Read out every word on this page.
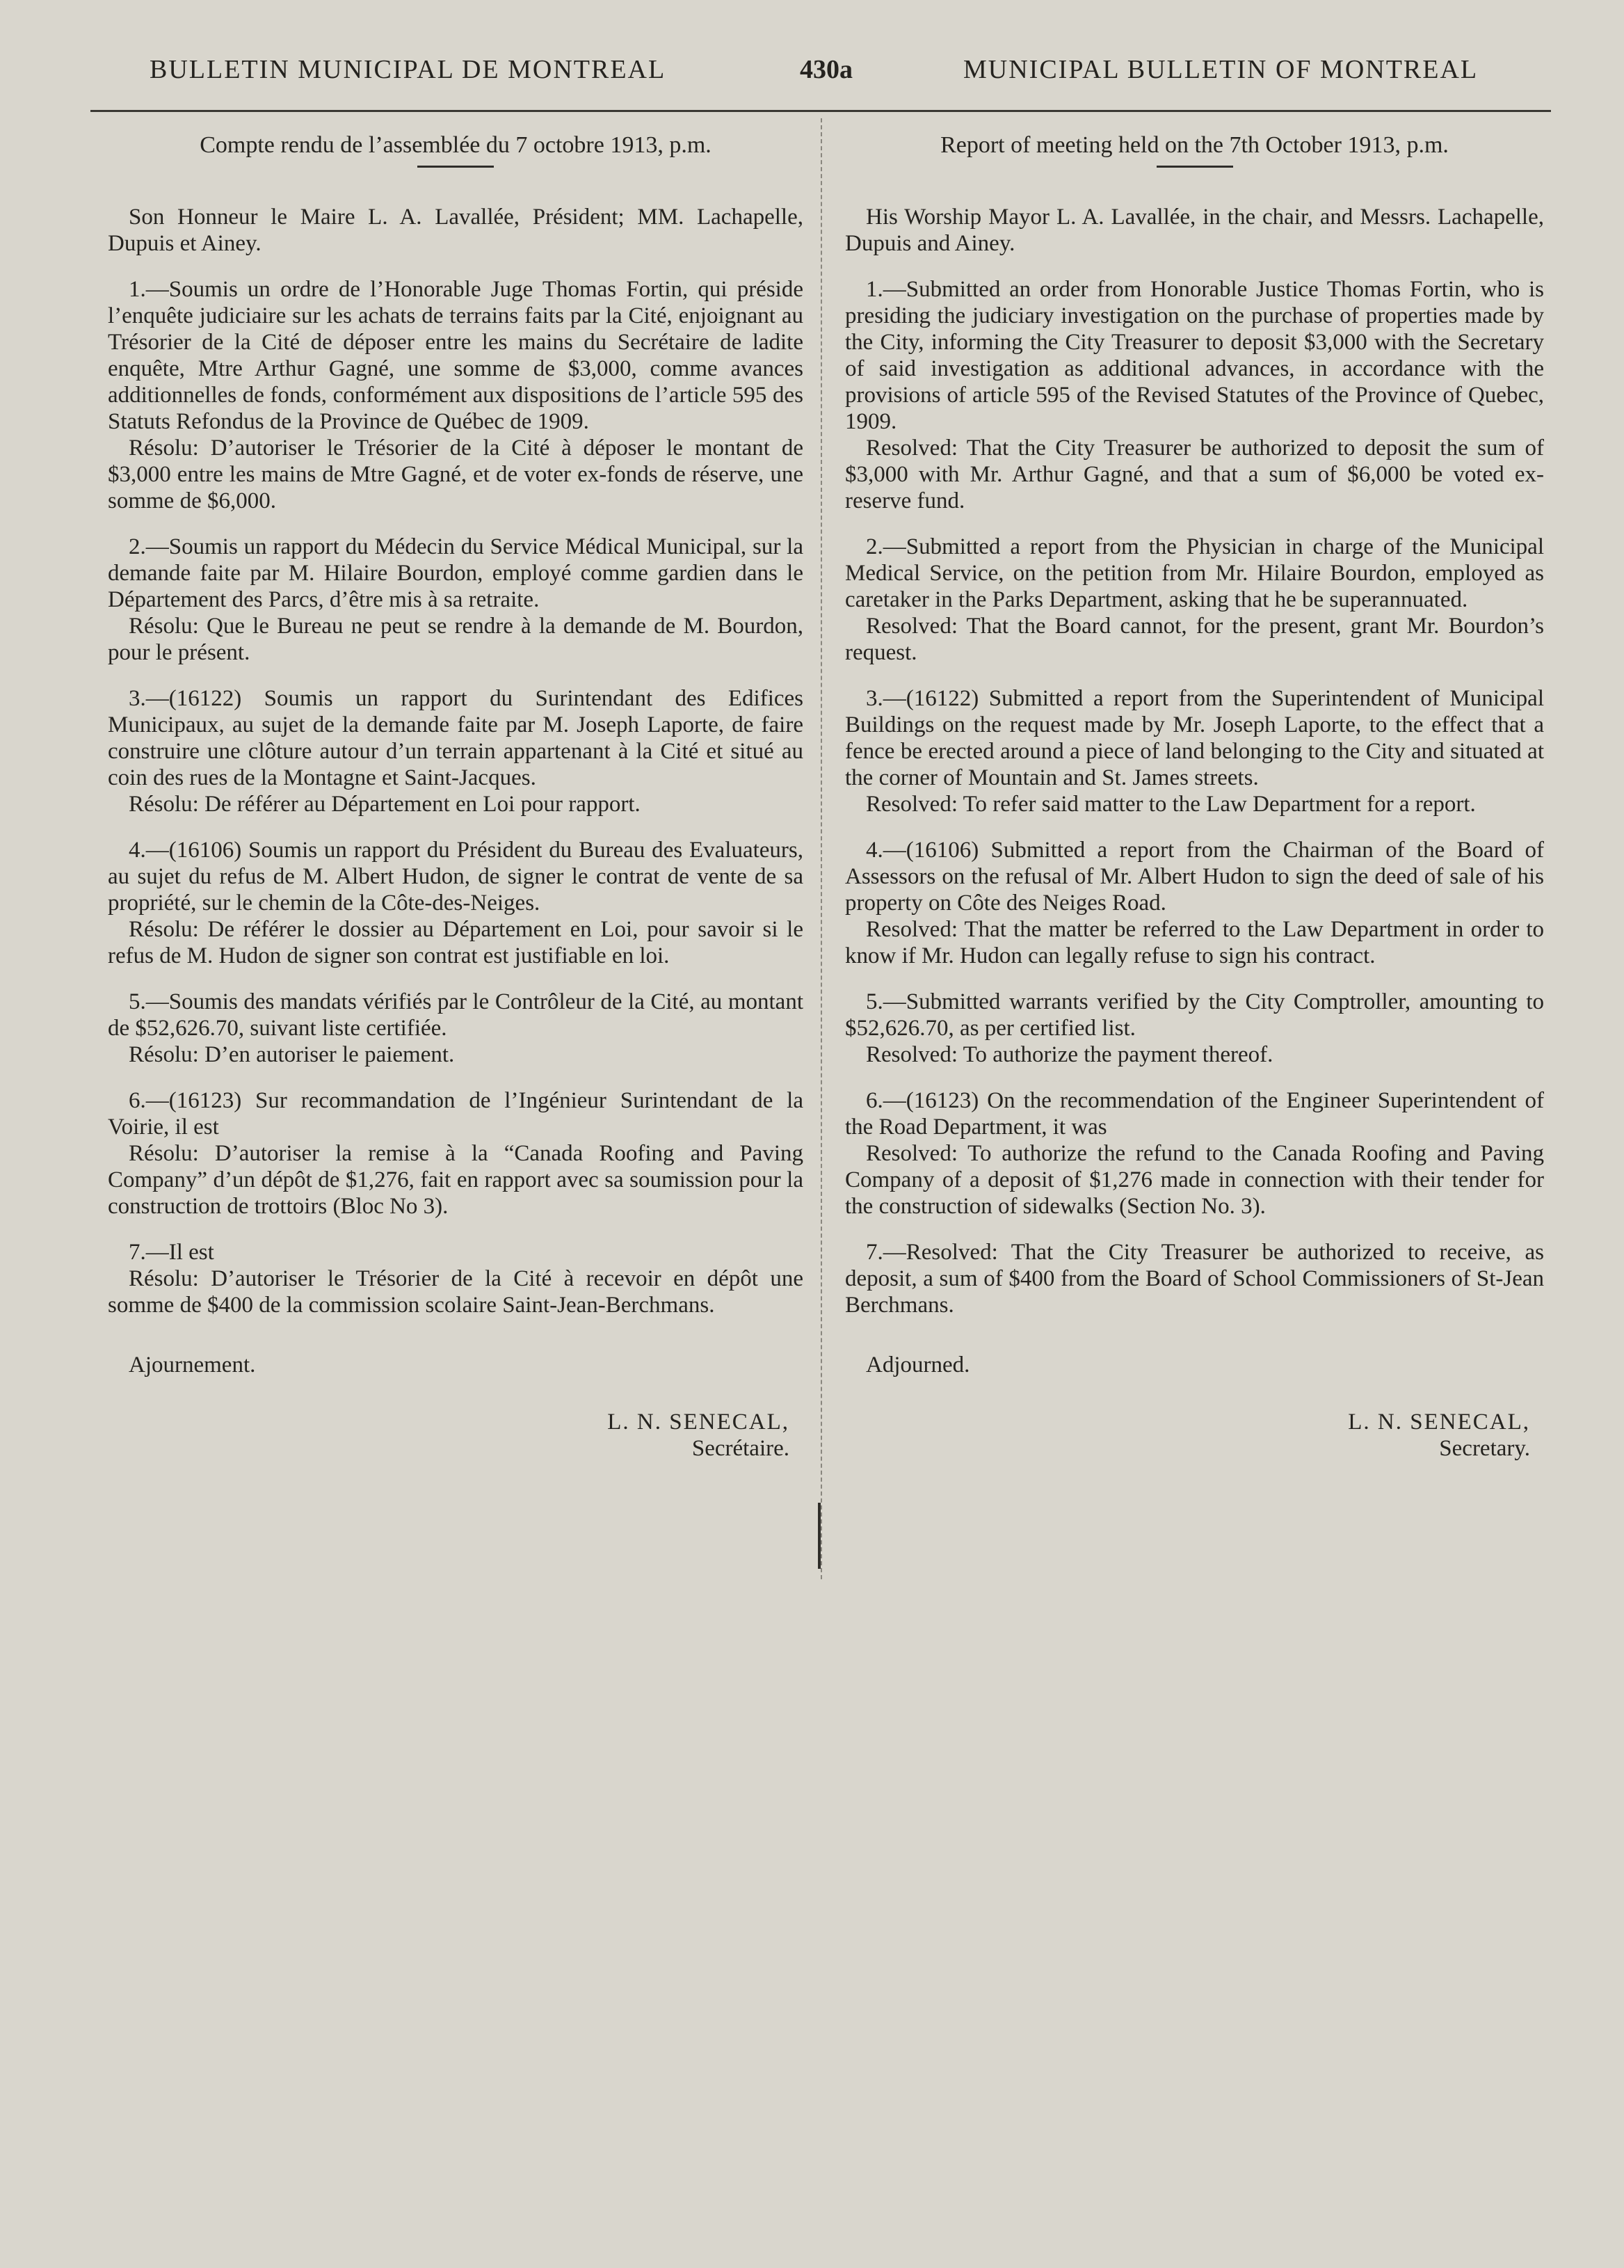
BULLETIN MUNICIPAL DE MONTREAL	430a	MUNICIPAL BULLETIN OF MONTREAL
Compte rendu de l’assemblée du 7 octobre 1913, p.m.

Son Honneur le Maire L. A. Lavallée, Président; MM. Lachapelle, Dupuis et Ainey.

1.—Soumis un ordre de l’Honorable Juge Thomas Fortin, qui préside l’enquête judiciaire sur les achats de terrains faits par la Cité, enjoignant au Trésorier de la Cité de déposer entre les mains du Secrétaire de ladite enquête, Mtre Arthur Gagné, une somme de $3,000, comme avances additionnelles de fonds, conformément aux dispositions de l’article 595 des Statuts Refondus de la Province de Québec de 1909.

Résolu: D’autoriser le Trésorier de la Cité à déposer le montant de $3,000 entre les mains de Mtre Gagné, et de voter ex-fonds de réserve, une somme de $6,000.

2.—Soumis un rapport du Médecin du Service Médical Municipal, sur la demande faite par M. Hilaire Bourdon, employé comme gardien dans le Département des Parcs, d’être mis à sa retraite.

Résolu: Que le Bureau ne peut se rendre à la demande de M. Bourdon, pour le présent.

3.—(16122) Soumis un rapport du Surintendant des Edifices Municipaux, au sujet de la demande faite par M. Joseph Laporte, de faire construire une clôture autour d’un terrain appartenant à la Cité et situé au coin des rues de la Montagne et Saint-Jacques.

Résolu: De référer au Département en Loi pour rapport.

4.—(16106) Soumis un rapport du Président du Bureau des Evaluateurs, au sujet du refus de M. Albert Hudon, de signer le contrat de vente de sa propriété, sur le chemin de la Côte-des-Neiges.

Résolu: De référer le dossier au Département en Loi, pour savoir si le refus de M. Hudon de signer son contrat est justifiable en loi.

5.—Soumis des mandats vérifiés par le Contrôleur de la Cité, au montant de $52,626.70, suivant liste certifiée.

Résolu: D’en autoriser le paiement.

6.—(16123) Sur recommandation de l’Ingénieur Surintendant de la Voirie, il est

Résolu: D’autoriser la remise à la “Canada Roofing and Paving Company” d’un dépôt de $1,276, fait en rapport avec sa soumission pour la construction de trottoirs (Bloc No 3).

7.—Il est

Résolu: D’autoriser le Trésorier de la Cité à recevoir en dépôt une somme de $400 de la commission scolaire Saint-Jean-Berchmans.

Ajournement.

L. N. SENECAL,
Secrétaire.
Report of meeting held on the 7th October 1913, p.m.

His Worship Mayor L. A. Lavallée, in the chair, and Messrs. Lachapelle, Dupuis and Ainey.

1.—Submitted an order from Honorable Justice Thomas Fortin, who is presiding the judiciary investigation on the purchase of properties made by the City, informing the City Treasurer to deposit $3,000 with the Secretary of said investigation as additional advances, in accordance with the provisions of article 595 of the Revised Statutes of the Province of Quebec, 1909.

Resolved: That the City Treasurer be authorized to deposit the sum of $3,000 with Mr. Arthur Gagné, and that a sum of $6,000 be voted ex-reserve fund.

2.—Submitted a report from the Physician in charge of the Municipal Medical Service, on the petition from Mr. Hilaire Bourdon, employed as caretaker in the Parks Department, asking that he be superannuated.

Resolved: That the Board cannot, for the present, grant Mr. Bourdon’s request.

3.—(16122) Submitted a report from the Superintendent of Municipal Buildings on the request made by Mr. Joseph Laporte, to the effect that a fence be erected around a piece of land belonging to the City and situated at the corner of Mountain and St. James streets.

Resolved: To refer said matter to the Law Department for a report.

4.—(16106) Submitted a report from the Chairman of the Board of Assessors on the refusal of Mr. Albert Hudon to sign the deed of sale of his property on Côte des Neiges Road.

Resolved: That the matter be referred to the Law Department in order to know if Mr. Hudon can legally refuse to sign his contract.

5.—Submitted warrants verified by the City Comptroller, amounting to $52,626.70, as per certified list.

Resolved: To authorize the payment thereof.

6.—(16123) On the recommendation of the Engineer Superintendent of the Road Department, it was

Resolved: To authorize the refund to the Canada Roofing and Paving Company of a deposit of $1,276 made in connection with their tender for the construction of sidewalks (Section No. 3).

7.—Resolved: That the City Treasurer be authorized to receive, as deposit, a sum of $400 from the Board of School Commissioners of St-Jean Berchmans.

Adjourned.

L. N. SENECAL,
Secretary.
